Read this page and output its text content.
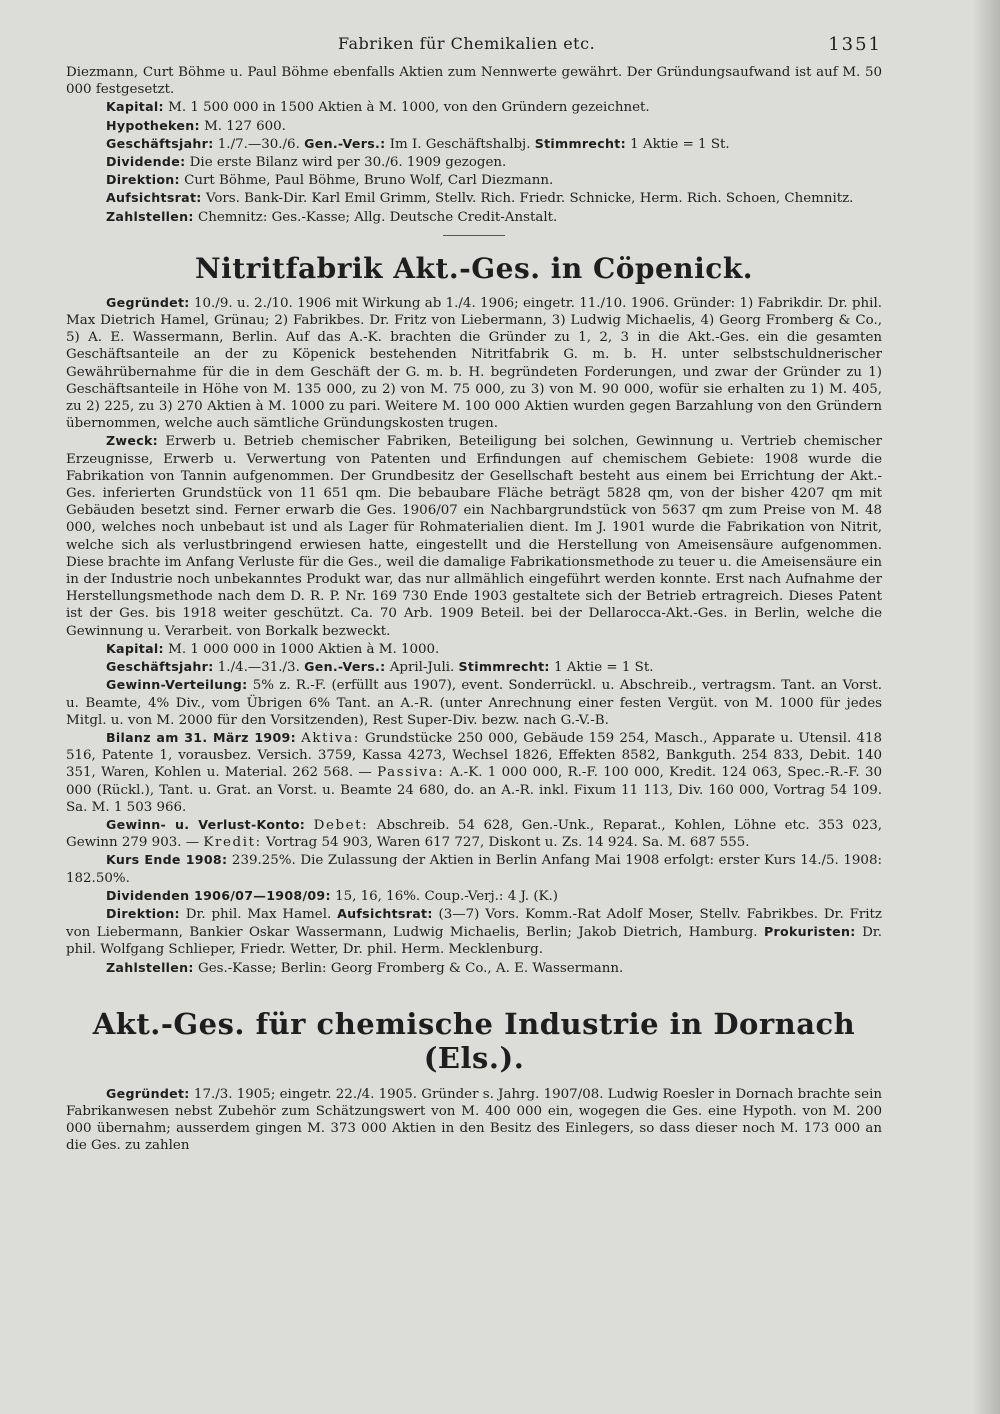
Fabriken für Chemikalien etc.	1351

Diezmann, Curt Böhme u. Paul Böhme ebenfalls Aktien zum Nennwerte gewährt. Der Gründungsaufwand ist auf M. 50 000 festgesetzt.

Kapital: M. 1 500 000 in 1500 Aktien à M. 1000, von den Gründern gezeichnet.

Hypotheken: M. 127 600.

Geschäftsjahr: 1./7.—30./6. Gen.-Vers.: Im I. Geschäftshalbj. Stimmrecht: 1 Aktie = 1 St.

Dividende: Die erste Bilanz wird per 30./6. 1909 gezogen.

Direktion: Curt Böhme, Paul Böhme, Bruno Wolf, Carl Diezmann.

Aufsichtsrat: Vors. Bank-Dir. Karl Emil Grimm, Stellv. Rich. Friedr. Schnicke, Herm. Rich. Schoen, Chemnitz.

Zahlstellen: Chemnitz: Ges.-Kasse; Allg. Deutsche Credit-Anstalt.

Nitritfabrik Akt.-Ges. in Cöpenick.

Gegründet: 10./9. u. 2./10. 1906 mit Wirkung ab 1./4. 1906; eingetr. 11./10. 1906. Gründer: 1) Fabrikdir. Dr. phil. Max Dietrich Hamel, Grünau; 2) Fabrikbes. Dr. Fritz von Liebermann, 3) Ludwig Michaelis, 4) Georg Fromberg & Co., 5) A. E. Wassermann, Berlin. Auf das A.-K. brachten die Gründer zu 1, 2, 3 in die Akt.-Ges. ein die gesamten Geschäftsanteile an der zu Köpenick bestehenden Nitritfabrik G. m. b. H. unter selbstschuldnerischer Gewährübernahme für die in dem Geschäft der G. m. b. H. begründeten Forderungen, und zwar der Gründer zu 1) Geschäftsanteile in Höhe von M. 135 000, zu 2) von M. 75 000, zu 3) von M. 90 000, wofür sie erhalten zu 1) M. 405, zu 2) 225, zu 3) 270 Aktien à M. 1000 zu pari. Weitere M. 100 000 Aktien wurden gegen Barzahlung von den Gründern übernommen, welche auch sämtliche Gründungskosten trugen.

Zweck: Erwerb u. Betrieb chemischer Fabriken, Beteiligung bei solchen, Gewinnung u. Vertrieb chemischer Erzeugnisse, Erwerb u. Verwertung von Patenten und Erfindungen auf chemischem Gebiete: 1908 wurde die Fabrikation von Tannin aufgenommen. Der Grundbesitz der Gesellschaft besteht aus einem bei Errichtung der Akt.-Ges. inferierten Grundstück von 11 651 qm. Die bebaubare Fläche beträgt 5828 qm, von der bisher 4207 qm mit Gebäuden besetzt sind. Ferner erwarb die Ges. 1906/07 ein Nachbargrundstück von 5637 qm zum Preise von M. 48 000, welches noch unbebaut ist und als Lager für Rohmaterialien dient. Im J. 1901 wurde die Fabrikation von Nitrit, welche sich als verlustbringend erwiesen hatte, eingestellt und die Herstellung von Ameisensäure aufgenommen. Diese brachte im Anfang Verluste für die Ges., weil die damalige Fabrikationsmethode zu teuer u. die Ameisensäure ein in der Industrie noch unbekanntes Produkt war, das nur allmählich eingeführt werden konnte. Erst nach Aufnahme der Herstellungsmethode nach dem D. R. P. Nr. 169 730 Ende 1903 gestaltete sich der Betrieb ertragreich. Dieses Patent ist der Ges. bis 1918 weiter geschützt. Ca. 70 Arb. 1909 Beteil. bei der Dellarocca-Akt.-Ges. in Berlin, welche die Gewinnung u. Verarbeit. von Borkalk bezweckt.

Kapital: M. 1 000 000 in 1000 Aktien à M. 1000.

Geschäftsjahr: 1./4.—31./3. Gen.-Vers.: April-Juli. Stimmrecht: 1 Aktie = 1 St.

Gewinn-Verteilung: 5% z. R.-F. (erfüllt aus 1907), event. Sonderrückl. u. Abschreib., vertragsm. Tant. an Vorst. u. Beamte, 4% Div., vom Übrigen 6% Tant. an A.-R. (unter Anrechnung einer festen Vergüt. von M. 1000 für jedes Mitgl. u. von M. 2000 für den Vorsitzenden), Rest Super-Div. bezw. nach G.-V.-B.

Bilanz am 31. März 1909: Aktiva: Grundstücke 250 000, Gebäude 159 254, Masch., Apparate u. Utensil. 418 516, Patente 1, vorausbez. Versich. 3759, Kassa 4273, Wechsel 1826, Effekten 8582, Bankguth. 254 833, Debit. 140 351, Waren, Kohlen u. Material. 262 568. — Passiva: A.-K. 1 000 000, R.-F. 100 000, Kredit. 124 063, Spec.-R.-F. 30 000 (Rückl.), Tant. u. Grat. an Vorst. u. Beamte 24 680, do. an A.-R. inkl. Fixum 11 113, Div. 160 000, Vortrag 54 109. Sa. M. 1 503 966.

Gewinn- u. Verlust-Konto: Debet: Abschreib. 54 628, Gen.-Unk., Reparat., Kohlen, Löhne etc. 353 023, Gewinn 279 903. — Kredit: Vortrag 54 903, Waren 617 727, Diskont u. Zs. 14 924. Sa. M. 687 555.

Kurs Ende 1908: 239.25%. Die Zulassung der Aktien in Berlin Anfang Mai 1908 erfolgt: erster Kurs 14./5. 1908: 182.50%.

Dividenden 1906/07—1908/09: 15, 16, 16%. Coup.-Verj.: 4 J. (K.)

Direktion: Dr. phil. Max Hamel. Aufsichtsrat: (3—7) Vors. Komm.-Rat Adolf Moser, Stellv. Fabrikbes. Dr. Fritz von Liebermann, Bankier Oskar Wassermann, Ludwig Michaelis, Berlin; Jakob Dietrich, Hamburg. Prokuristen: Dr. phil. Wolfgang Schlieper, Friedr. Wetter, Dr. phil. Herm. Mecklenburg.

Zahlstellen: Ges.-Kasse; Berlin: Georg Fromberg & Co., A. E. Wassermann.

Akt.-Ges. für chemische Industrie in Dornach (Els.).

Gegründet: 17./3. 1905; eingetr. 22./4. 1905. Gründer s. Jahrg. 1907/08. Ludwig Roesler in Dornach brachte sein Fabrikanwesen nebst Zubehör zum Schätzungswert von M. 400 000 ein, wogegen die Ges. eine Hypoth. von M. 200 000 übernahm; ausserdem gingen M. 373 000 Aktien in den Besitz des Einlegers, so dass dieser noch M. 173 000 an die Ges. zu zahlen
